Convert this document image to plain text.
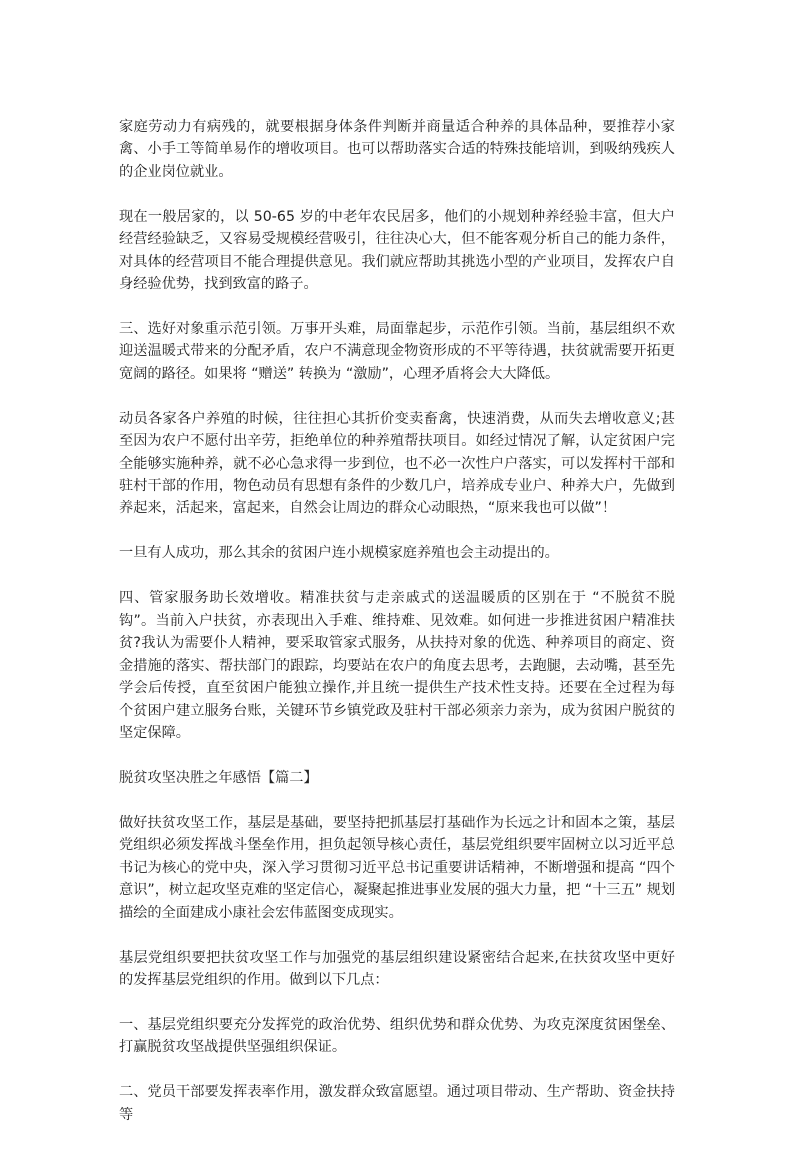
家庭劳动力有病残的，就要根据身体条件判断并商量适合种养的具体品种，要推荐小家禽、小手工等简单易作的增收项目。也可以帮助落实合适的特殊技能培训，到吸纳残疾人的企业岗位就业。

现在一般居家的，以 50-65 岁的中老年农民居多，他们的小规划种养经验丰富，但大户经营经验缺乏，又容易受规模经营吸引，往往决心大，但不能客观分析自己的能力条件，对具体的经营项目不能合理提供意见。我们就应帮助其挑选小型的产业项目，发挥农户自身经验优势，找到致富的路子。

三、选好对象重示范引领。万事开头难，局面靠起步，示范作引领。当前，基层组织不欢迎送温暖式带来的分配矛盾，农户不满意现金物资形成的不平等待遇，扶贫就需要开拓更宽阔的路径。如果将 “赠送” 转换为 “激励”，心理矛盾将会大大降低。

动员各家各户养殖的时候，往往担心其折价变卖畜禽，快速消费，从而失去增收意义;甚至因为农户不愿付出辛劳，拒绝单位的种养殖帮扶项目。如经过情况了解，认定贫困户完全能够实施种养，就不必心急求得一步到位，也不必一次性户户落实，可以发挥村干部和驻村干部的作用，物色动员有思想有条件的少数几户，培养成专业户、种养大户，先做到养起来，活起来，富起来，自然会让周边的群众心动眼热，“原来我也可以做”！

一旦有人成功，那么其余的贫困户连小规模家庭养殖也会主动提出的。

四、管家服务助长效增收。精准扶贫与走亲戚式的送温暖质的区别在于 “不脱贫不脱钩”。当前入户扶贫，亦表现出入手难、维持难、见效难。如何进一步推进贫困户精准扶贫?我认为需要仆人精神，要采取管家式服务，从扶持对象的优选、种养项目的商定、资金措施的落实、帮扶部门的跟踪，均要站在农户的角度去思考，去跑腿，去动嘴，甚至先学会后传授，直至贫困户能独立操作,并且统一提供生产技术性支持。还要在全过程为每个贫困户建立服务台账，关键环节乡镇党政及驻村干部必须亲力亲为，成为贫困户脱贫的坚定保障。

脱贫攻坚决胜之年感悟【篇二】

做好扶贫攻坚工作，基层是基础，要坚持把抓基层打基础作为长远之计和固本之策，基层党组织必须发挥战斗堡垒作用，担负起领导核心责任，基层党组织要牢固树立以习近平总书记为核心的党中央，深入学习贯彻习近平总书记重要讲话精神，不断增强和提高 “四个意识”，树立起攻坚克难的坚定信心，凝聚起推进事业发展的强大力量，把 “十三五” 规划描绘的全面建成小康社会宏伟蓝图变成现实。

基层党组织要把扶贫攻坚工作与加强党的基层组织建设紧密结合起来,在扶贫攻坚中更好的发挥基层党组织的作用。做到以下几点：

一、基层党组织要充分发挥党的政治优势、组织优势和群众优势、为攻克深度贫困堡垒、打赢脱贫攻坚战提供坚强组织保证。

二、党员干部要发挥表率作用，激发群众致富愿望。通过项目带动、生产帮助、资金扶持等
